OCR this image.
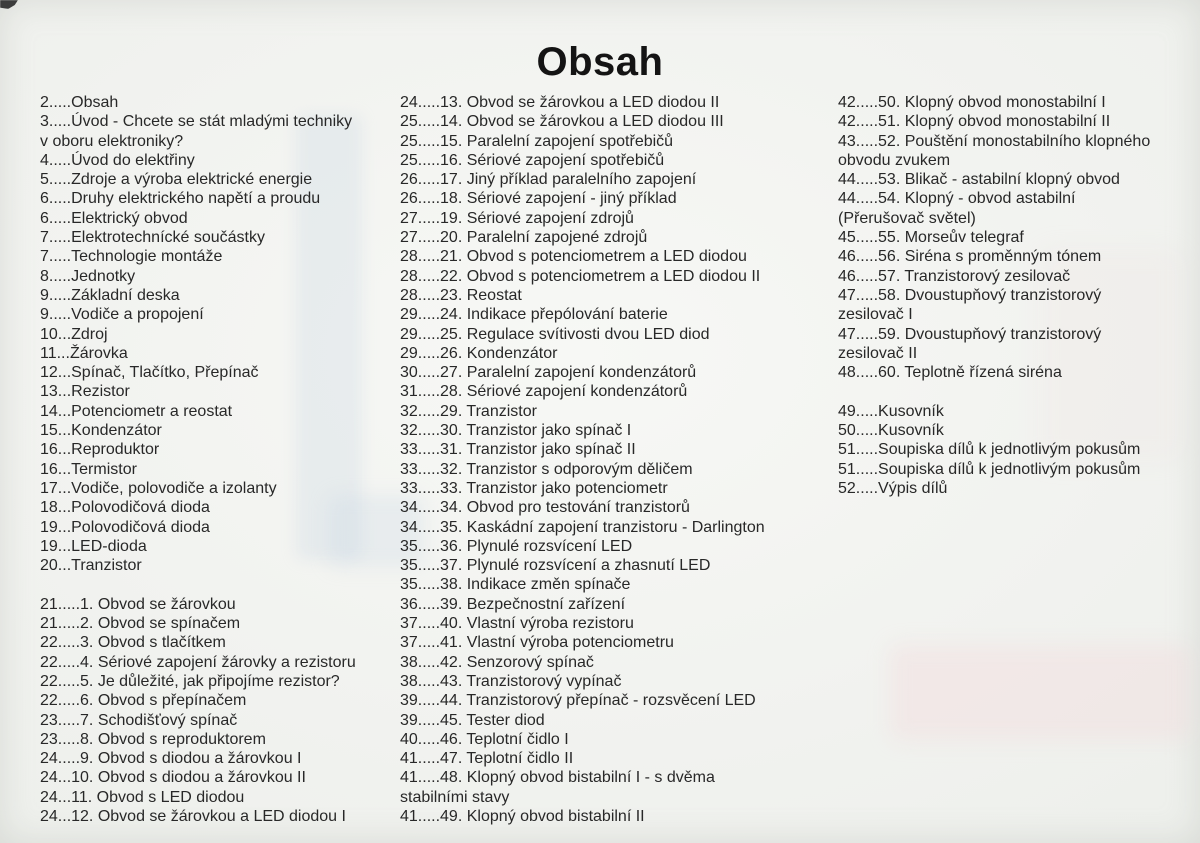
Obsah
2.....Obsah
3.....Úvod - Chcete se stát mladými techniky
v oboru elektroniky?
4.....Úvod do elektřiny
5.....Zdroje a výroba elektrické energie
6.....Druhy elektrického napětí a proudu
6.....Elektrický obvod
7.....Elektrotechnícké součástky
7.....Technologie montáže
8.....Jednotky
9.....Základní deska
9.....Vodiče a propojení
10...Zdroj
11...Žárovka
12...Spínač, Tlačítko, Přepínač
13...Rezistor
14...Potenciometr a reostat
15...Kondenzátor
16...Reproduktor
16...Termistor
17...Vodiče, polovodiče a izolanty
18...Polovodičová dioda
19...Polovodičová dioda
19...LED-dioda
20...Tranzistor
21.....1. Obvod se žárovkou
21.....2. Obvod se spínačem
22.....3. Obvod s tlačítkem
22.....4. Sériové zapojení žárovky a rezistoru
22.....5. Je důležité, jak připojíme rezistor?
22.....6. Obvod s přepínačem
23.....7. Schodišťový spínač
23.....8. Obvod s reproduktorem
24.....9. Obvod s diodou a žárovkou I
24...10. Obvod s diodou a žárovkou II
24...11. Obvod s LED diodou
24...12. Obvod se žárovkou a LED diodou I
24.....13. Obvod se žárovkou a LED diodou II
25.....14. Obvod se žárovkou a LED diodou III
25.....15. Paralelní zapojení spotřebičů
25.....16. Sériové zapojení spotřebičů
26.....17. Jiný příklad paralelního zapojení
26.....18. Sériové zapojení - jiný příklad
27.....19. Sériové zapojení zdrojů
27.....20. Paralelní zapojené zdrojů
28.....21. Obvod s potenciometrem a LED diodou
28.....22. Obvod s potenciometrem a LED diodou II
28.....23. Reostat
29.....24. Indikace přepólování baterie
29.....25. Regulace svítivosti dvou LED diod
29.....26. Kondenzátor
30.....27. Paralelní zapojení kondenzátorů
31.....28. Sériové zapojení kondenzátorů
32.....29. Tranzistor
32.....30. Tranzistor jako spínač I
33.....31. Tranzistor jako spínač II
33.....32. Tranzistor s odporovým děličem
33.....33. Tranzistor jako potenciometr
34.....34. Obvod pro testování tranzistorů
34.....35. Kaskádní zapojení tranzistoru - Darlington
35.....36. Plynulé rozsvícení LED
35.....37. Plynulé rozsvícení a zhasnutí LED
35.....38. Indikace změn spínače
36.....39. Bezpečnostní zařízení
37.....40. Vlastní výroba rezistoru
37.....41. Vlastní výroba potenciometru
38.....42. Senzorový spínač
38.....43. Tranzistorový vypínač
39.....44. Tranzistorový přepínač - rozsvěcení LED
39.....45. Tester diod
40.....46. Teplotní čidlo I
41.....47. Teplotní čidlo II
41.....48. Klopný obvod bistabilní I - s dvěma
stabilními stavy
41.....49. Klopný obvod bistabilní II
42.....50. Klopný obvod monostabilní I
42.....51. Klopný obvod monostabilní II
43.....52. Pouštění monostabilního klopného
obvodu zvukem
44.....53. Blikač - astabilní klopný obvod
44.....54. Klopný - obvod astabilní
(Přerušovač světel)
45.....55. Morseův telegraf
46.....56. Siréna s proměnným tónem
46.....57. Tranzistorový zesilovač
47.....58. Dvoustupňový tranzistorový
zesilovač I
47.....59. Dvoustupňový tranzistorový
zesilovač II
48.....60. Teplotně řízená siréna
49.....Kusovník
50.....Kusovník
51.....Soupiska dílů k jednotlivým pokusům
51.....Soupiska dílů k jednotlivým pokusům
52.....Výpis dílů
